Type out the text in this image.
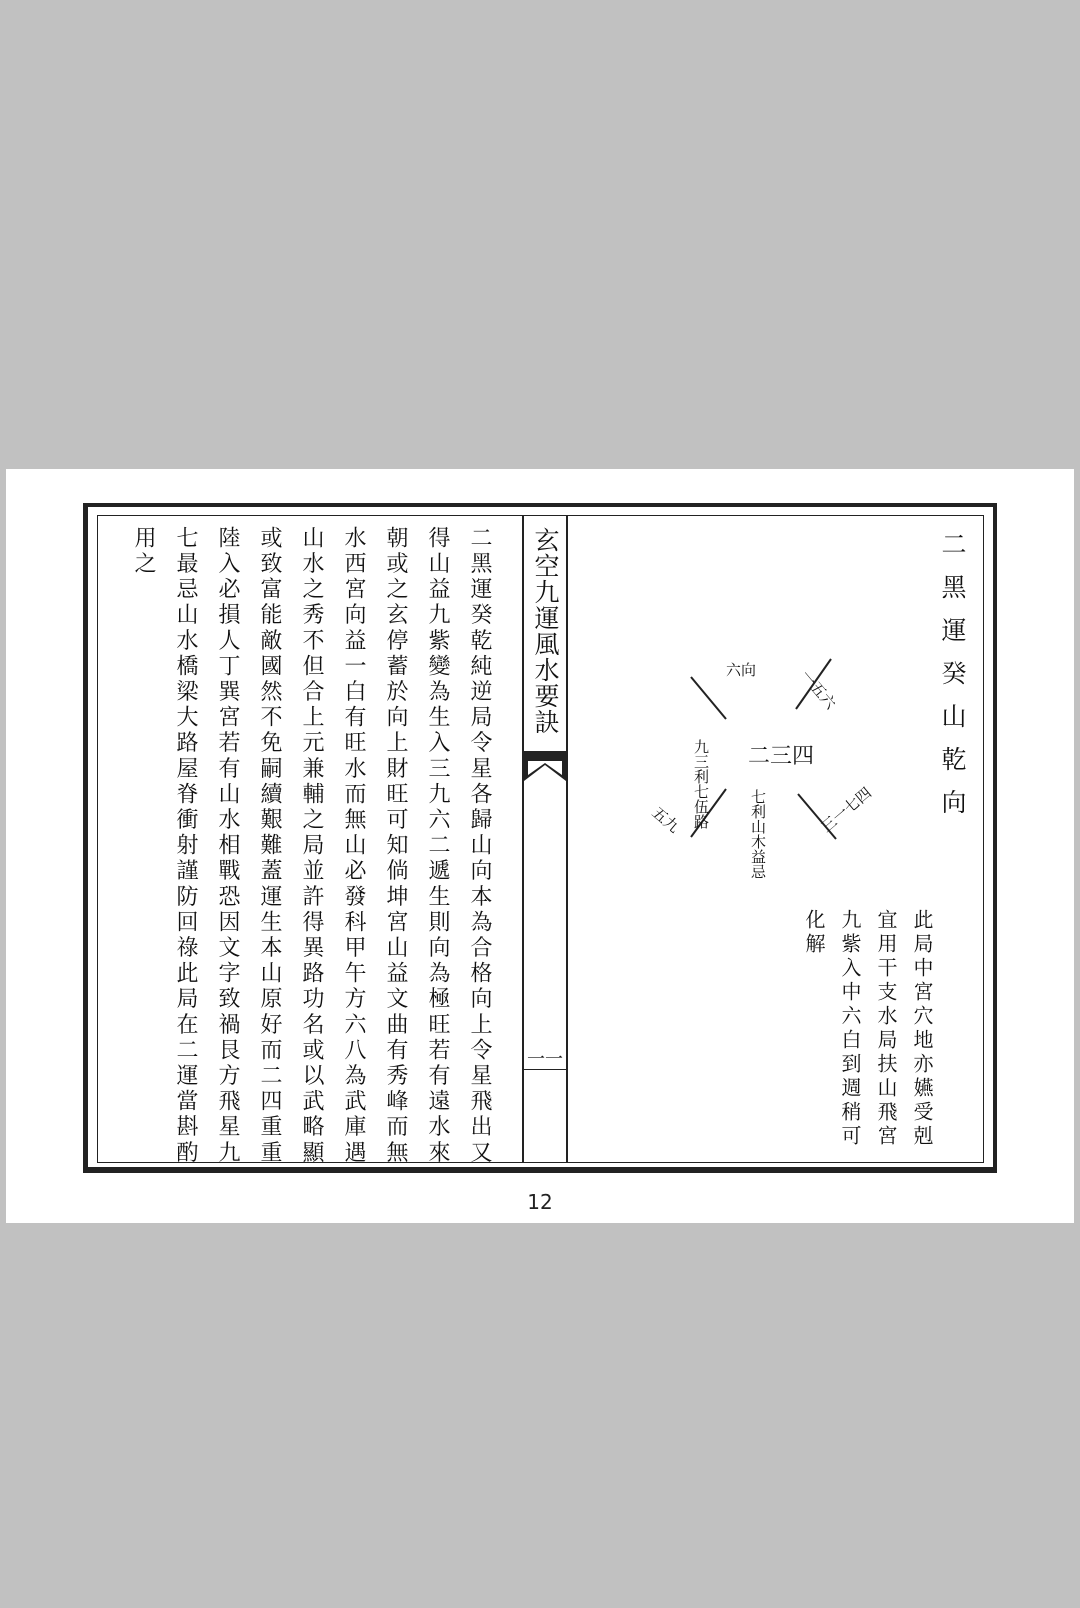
二黑運癸乾純逆局令星各歸山向本為合格向上令星飛出又
得山益九紫變為生入三九六二遞生則向為極旺若有遠水來
朝或之玄停蓄於向上財旺可知倘坤宮山益文曲有秀峰而無
水西宮向益一白有旺水而無山必發科甲午方六八為武庫遇
山水之秀不但合上元兼輔之局並許得異路功名或以武略顯
或致富能敵國然不免嗣續艱難蓋運生本山原好而二四重重
陸入必損人丁巽宮若有山水相戰恐因文字致禍艮方飛星九
七最忌山水橋梁大路屋脊衝射謹防回祿此局在二運當斟酌
用之	玄空九運風水要訣
一一
二黑運癸山乾向
二三四
七利山木益忌
九三利七伍路	三一七四
一五六
六向
五九
此局中宮穴地亦嬿受剋
宜用干支水局扶山飛宮
九紫入中六白到週稍可
化解
12
